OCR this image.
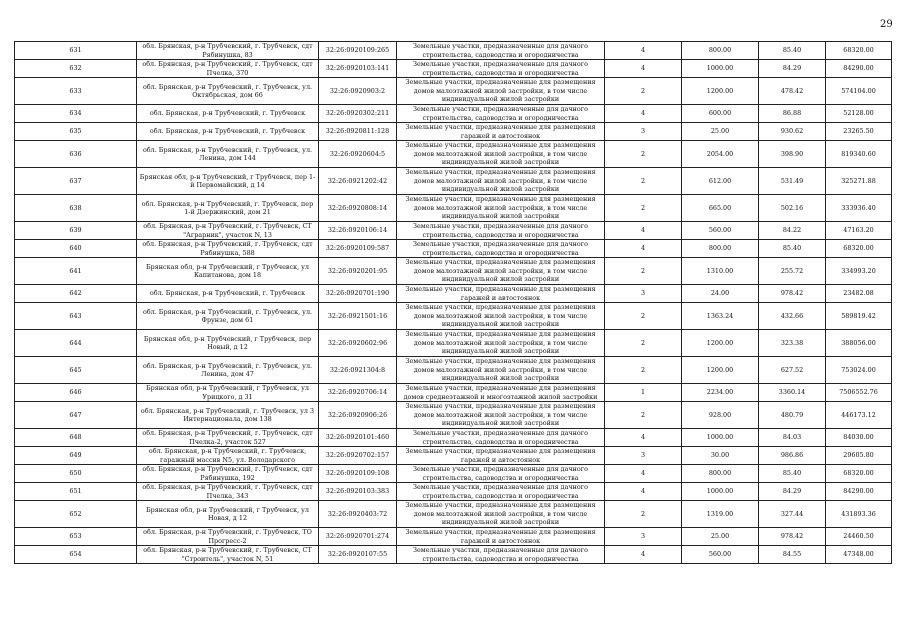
29
631	обл. Брянская, р-н Трубчевский, г. Трубчевск, сдт Рябинушка, 83	32:26:0920109:265	Земельные участки, предназначенные для дачного строительства, садоводства и огородничества	4	800.00	85.40	68320.00
632	обл. Брянская, р-н Трубчевский, г. Трубчевск, сдт Пчелка, 370	32:26:0920103:141	Земельные участки, предназначенные для дачного строительства, садоводства и огородничества	4	1000.00	84.29	84290.00
633	обл. Брянская, р-н Трубчевский, г. Трубчевск, ул. Октябрьская, дом 66	32:26:0920903:2	Земельные участки, предназначенные для размещения домов малоэтажной жилой застройки, в том числе индивидуальной жилой застройки	2	1200.00	478.42	574104.00
634	обл. Брянская, р-н Трубчевский, г. Трубчевск	32:26:0920302:211	Земельные участки, предназначенные для дачного строительства, садоводства и огородничества	4	600.00	86.88	52128.00
635	обл. Брянская, р-н Трубчевский, г. Трубчевск	32:26:0920811:128	Земельные участки, предназначенные для размещения гаражей и автостоянок	3	25.00	930.62	23265.50
636	обл. Брянская, р-н Трубчевский, г. Трубчевск, ул. Ленина, дом 144	32:26:0920604:5	Земельные участки, предназначенные для размещения домов малоэтажной жилой застройки, в том числе индивидуальной жилой застройки	2	2054.00	398.90	819340.60
637	Брянская обл, р-н Трубчевский, г Трубчевск, пер 1-й Первомайский, д 14	32:26:0921202:42	Земельные участки, предназначенные для размещения домов малоэтажной жилой застройки, в том числе индивидуальной жилой застройки	2	612.00	531.49	325271.88
638	обл. Брянская, р-н Трубчевский, г. Трубчевск, пер 1-й Дзержинский, дом 21	32:26:0920808:14	Земельные участки, предназначенные для размещения домов малоэтажной жилой застройки, в том числе индивидуальной жилой застройки	2	665.00	502.16	333936.40
639	обл. Брянская, р-н Трубчевский, г. Трубчевск, СТ "Аграрник", участок N, 13	32:26:0920106:14	Земельные участки, предназначенные для дачного строительства, садоводства и огородничества	4	560.00	84.22	47163.20
640	обл. Брянская, р-н Трубчевский, г. Трубчевск, сдт Рябинушка, 588	32:26:0920109:587	Земельные участки, предназначенные для дачного строительства, садоводства и огородничества	4	800.00	85.40	68320.00
641	Брянская обл, р-н Трубчевский, г Трубчевск, ул Капитанова, дом 18	32:26:0920201:95	Земельные участки, предназначенные для размещения домов малоэтажной жилой застройки, в том числе индивидуальной жилой застройки	2	1310.00	255.72	334993.20
642	обл. Брянская, р-н Трубчевский, г. Трубчевск	32:26:0920701:190	Земельные участки, предназначенные для размещения гаражей и автостоянок	3	24.00	978.42	23482.08
643	обл. Брянская, р-н Трубчевский, г. Трубчевск, ул. Фрунзе, дом 61	32:26:0921501:16	Земельные участки, предназначенные для размещения домов малоэтажной жилой застройки, в том числе индивидуальной жилой застройки	2	1363.24	432.66	589819.42
644	Брянская обл, р-н Трубчевский, г Трубчевск, пер Новый, д 12	32:26:0920602:96	Земельные участки, предназначенные для размещения домов малоэтажной жилой застройки, в том числе индивидуальной жилой застройки	2	1200.00	323.38	388056.00
645	обл. Брянская, р-н Трубчевский, г. Трубчевск, ул. Ленина, дом 47	32:26:0921304:8	Земельные участки, предназначенные для размещения домов малоэтажной жилой застройки, в том числе индивидуальной жилой застройки	2	1200.00	627.52	753024.00
646	Брянская обл, р-н Трубчевский, г Трубчевск, ул Урицкого, д 31	32:26:0920706:14	Земельные участки, предназначенные для размещения домов среднеэтажной и многоэтажной жилой застройки	1	2234.00	3360.14	7506552.76
647	обл. Брянская, р-н Трубчевский, г. Трубчевск, ул 3 Интернационала, дом 138	32:26:0920906:26	Земельные участки, предназначенные для размещения домов малоэтажной жилой застройки, в том числе индивидуальной жилой застройки	2	928.00	480.79	446173.12
648	обл. Брянская, р-н Трубчевский, г. Трубчевск, сдт Пчелка-2, участок 527	32:26:0920101:460	Земельные участки, предназначенные для дачного строительства, садоводства и огородничества	4	1000.00	84.03	84030.00
649	обл. Брянская, р-н Трубчевский, г. Трубчевск, гаражный массив N5, ул. Володарского	32:26:0920702:157	Земельные участки, предназначенные для размещения гаражей и автостоянок	3	30.00	986.86	29605.80
650	обл. Брянская, р-н Трубчевский, г. Трубчевск, сдт Рябинушка, 192	32:26:0920109:108	Земельные участки, предназначенные для дачного строительства, садоводства и огородничества	4	800.00	85.40	68320.00
651	обл. Брянская, р-н Трубчевский, г. Трубчевск, сдт Пчелка, 343	32:26:0920103:383	Земельные участки, предназначенные для дачного строительства, садоводства и огородничества	4	1000.00	84.29	84290.00
652	Брянская обл, р-н Трубчевский, г Трубчевск, ул Новая, д 12	32:26:0920403:72	Земельные участки, предназначенные для размещения домов малоэтажной жилой застройки, в том числе индивидуальной жилой застройки	2	1319.00	327.44	431893.36
653	обл. Брянская, р-н Трубчевский, г. Трубчевск, ТО Прогресс-2	32:26:0920701:274	Земельные участки, предназначенные для размещения гаражей и автостоянок	3	25.00	978.42	24460.50
654	обл. Брянская, р-н Трубчевский, г. Трубчевск, СТ "Строитель", участок N, 51	32:26:0920107:55	Земельные участки, предназначенные для дачного строительства, садоводства и огородничества	4	560.00	84.55	47348.00
